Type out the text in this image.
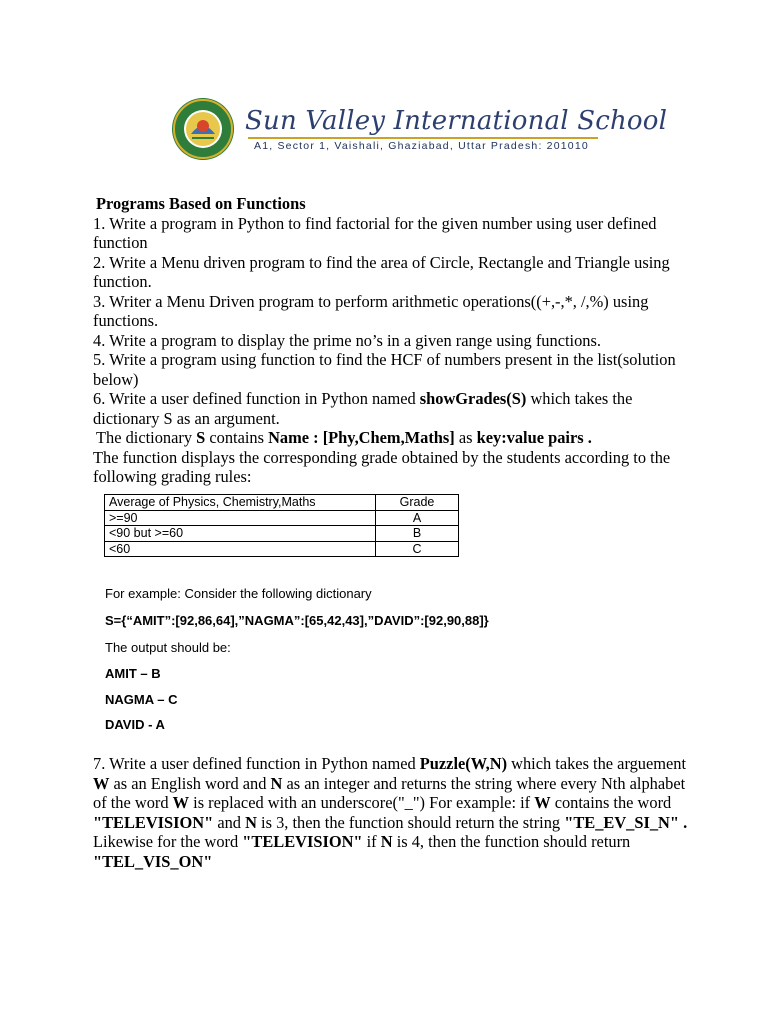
Sun Valley International School
A1, Sector 1, Vaishali, Ghaziabad, Uttar Pradesh: 201010

Programs Based on Functions

1. Write a program in Python to find factorial for the given number using user defined function

2. Write a Menu driven program to find the area of Circle, Rectangle and Triangle using function.

3. Writer a Menu Driven program to perform arithmetic operations((+,-,*, /,%) using functions.

4. Write a program to display the prime no’s in a given range using functions.

5. Write a program using function to find the HCF of numbers present in the list(solution below)

6. Write a user defined function in Python named showGrades(S) which takes the dictionary S as an argument.

The dictionary S contains Name : [Phy,Chem,Maths] as key:value pairs .

The function displays the corresponding grade obtained by the students according to the following grading rules:

Average of Physics, Chemistry,Maths	Grade
>=90	A
<90 but >=60	B
<60	C
For example: Consider the following dictionary
S={“AMIT”:[92,86,64],”NAGMA”:[65,42,43],”DAVID”:[92,90,88]}
The output should be:
AMIT – B
NAGMA – C
DAVID - A

7. Write a user defined function in Python named Puzzle(W,N) which takes the arguement W as an English word and N as an integer and returns the string where every Nth alphabet of the word W is replaced with an underscore("_") For example: if W contains the word "TELEVISION" and N is 3, then the function should return the string "TE_EV_SI_N" . Likewise for the word "TELEVISION" if N is 4, then the function should return "TEL_VIS_ON"
